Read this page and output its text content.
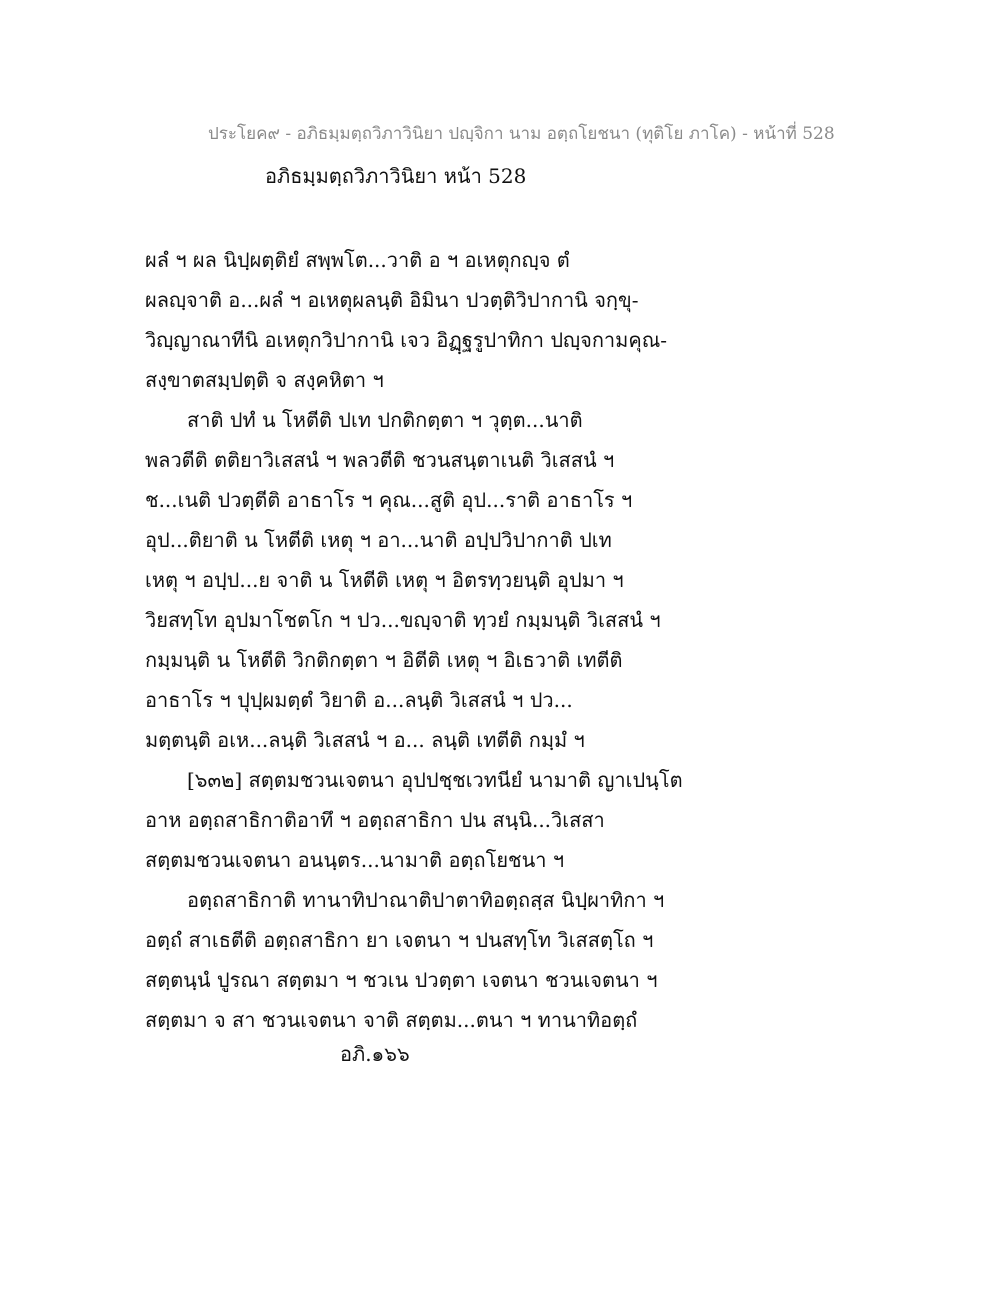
ประโยค๙ - อภิธมฺมตฺถวิภาวินิยา ปญฺจิกา นาม อตฺถโยชนา (ทุติโย ภาโค) - หน้าที่ 528
อภิธมฺมตฺถวิภาวินิยา หน้า 528
ผลํ ฯ ผล นิปฺผตฺติยํ สพฺพโต...วาติ อ ฯ อเหตุกญฺจ ตํ
ผลญฺจาติ อ...ผลํ ฯ อเหตุผลนฺติ อิมินา ปวตฺติวิปากานิ จกฺขุ-
วิญฺญาณาทีนิ อเหตุกวิปากานิ เจว อิฏฺฐรูปาทิกา ปญฺจกามคุณ-
สงฺขาตสมฺปตฺติ จ สงฺคหิตา ฯ
สาติ ปทํ น โหตีติ ปเท ปกติกตฺตา ฯ วุตฺต...นาติ
พลวตีติ ตติยาวิเสสนํ ฯ พลวตีติ ชวนสนฺตาเนติ วิเสสนํ ฯ
ช...เนติ ปวตฺตีติ อาธาโร ฯ คุณ...สูติ อุป...ราติ อาธาโร ฯ
อุป...ติยาติ น โหตีติ เหตุ ฯ อา...นาติ อปฺปวิปากาติ ปเท
เหตุ ฯ อปฺป...ย จาติ น โหตีติ เหตุ ฯ อิตรทฺวยนฺติ อุปมา ฯ
วิยสทฺโท อุปมาโชตโก ฯ ปว...ขญฺจาติ ทฺวยํ กมฺมนฺติ วิเสสนํ ฯ
กมฺมนฺติ น โหตีติ วิกติกตฺตา ฯ อิตีติ เหตุ ฯ อิเธวาติ เทตีติ
อาธาโร ฯ ปุปฺผมตฺตํ วิยาติ อ...ลนฺติ วิเสสนํ ฯ ปว...
มตฺตนฺติ อเห...ลนฺติ วิเสสนํ ฯ อ... ลนฺติ เทตีติ กมฺมํ ฯ
[๖๓๒] สตฺตมชวนเจตนา อุปปชฺชเวทนียํ นามาติ ญาเปนฺโต
อาห อตฺถสาธิกาติอาทึ ฯ อตฺถสาธิกา ปน สนฺนิ...วิเสสา
สตฺตมชวนเจตนา อนนฺตร...นามาติ อตฺถโยชนา ฯ
อตฺถสาธิกาติ ทานาทิปาณาติปาตาทิอตฺถสฺส นิปฺผาทิกา ฯ
อตฺถํ สาเธตีติ อตฺถสาธิกา ยา เจตนา ฯ ปนสทฺโท วิเสสตฺโถ ฯ
สตฺตนฺนํ ปูรณา สตฺตมา ฯ ชวเน ปวตฺตา เจตนา ชวนเจตนา ฯ
สตฺตมา จ สา ชวนเจตนา จาติ สตฺตม...ตนา ฯ ทานาทิอตฺถํ
อภิ.๑๖๖
